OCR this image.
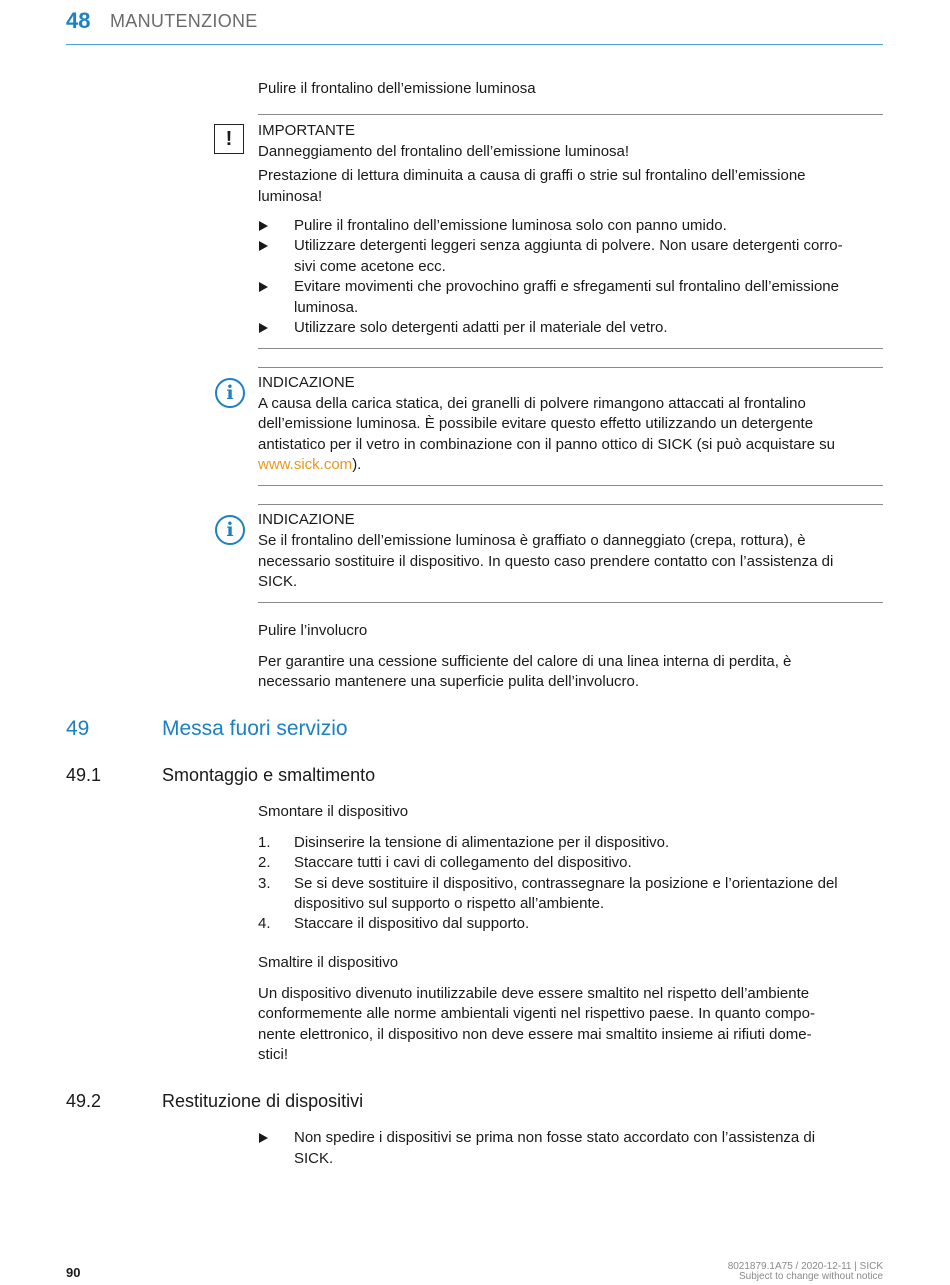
48 MANUTENZIONE
Pulire il frontalino dell’emissione luminosa
!	IMPORTANTE
Danneggiamento del frontalino dell’emissione luminosa!
Prestazione di lettura diminuita a causa di graffi o strie sul frontalino dell’emissione
luminosa!
Pulire il frontalino dell’emissione luminosa solo con panno umido.
Utilizzare detergenti leggeri senza aggiunta di polvere. Non usare detergenti corro-
sivi come acetone ecc.
Evitare movimenti che provochino graffi e sfregamenti sul frontalino dell’emissione
luminosa.
Utilizzare solo detergenti adatti per il materiale del vetro.
i	INDICAZIONE
A causa della carica statica, dei granelli di polvere rimangono attaccati al frontalino
dell’emissione luminosa. È possibile evitare questo effetto utilizzando un detergente
antistatico per il vetro in combinazione con il panno ottico di SICK (si può acquistare su
www.sick.com).
i	INDICAZIONE
Se il frontalino dell’emissione luminosa è graffiato o danneggiato (crepa, rottura), è
necessario sostituire il dispositivo. In questo caso prendere contatto con l’assistenza di
SICK.
Pulire l’involucro
Per garantire una cessione sufficiente del calore di una linea interna di perdita, è
necessario mantenere una superficie pulita dell’involucro.
49	Messa fuori servizio
49.1	Smontaggio e smaltimento
Smontare il dispositivo
1. Disinserire la tensione di alimentazione per il dispositivo.
2. Staccare tutti i cavi di collegamento del dispositivo.
3. Se si deve sostituire il dispositivo, contrassegnare la posizione e l’orientazione del
dispositivo sul supporto o rispetto all’ambiente.
4. Staccare il dispositivo dal supporto.
Smaltire il dispositivo
Un dispositivo divenuto inutilizzabile deve essere smaltito nel rispetto dell’ambiente
conformemente alle norme ambientali vigenti nel rispettivo paese. In quanto compo-
nente elettronico, il dispositivo non deve essere mai smaltito insieme ai rifiuti dome-
stici!
49.2	Restituzione di dispositivi
Non spedire i dispositivi se prima non fosse stato accordato con l’assistenza di
SICK.
90	8021879.1A75 / 2020-12-11 | SICK
Subject to change without notice
